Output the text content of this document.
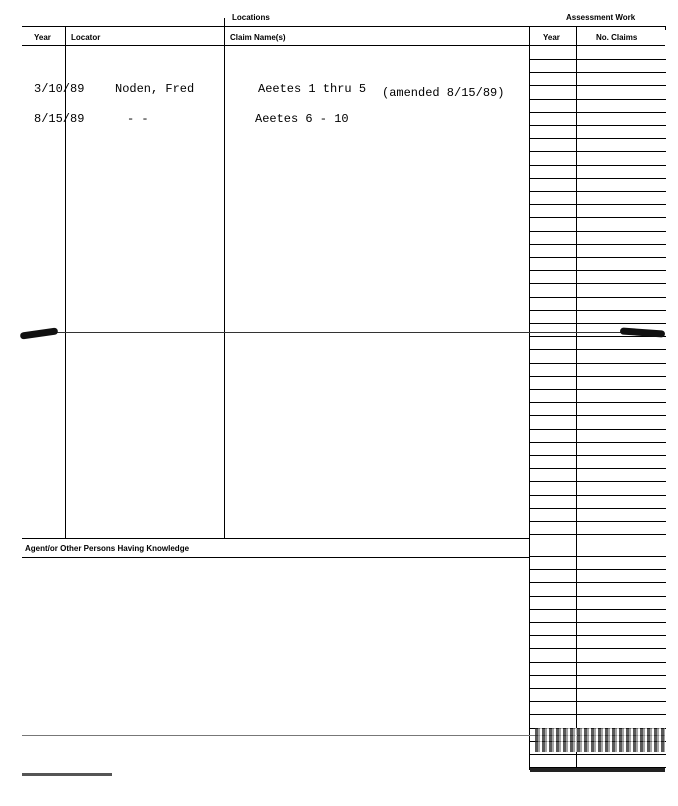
Locations	Assessment Work
Year	Locator	Claim Name(s)	Year	No. Claims
Agent/or Other Persons Having Knowledge
3/10/89	Noden, Fred	Aeetes 1 thru 5 (amended 8/15/89)
8/15/89	- -	Aeetes 6 - 10
